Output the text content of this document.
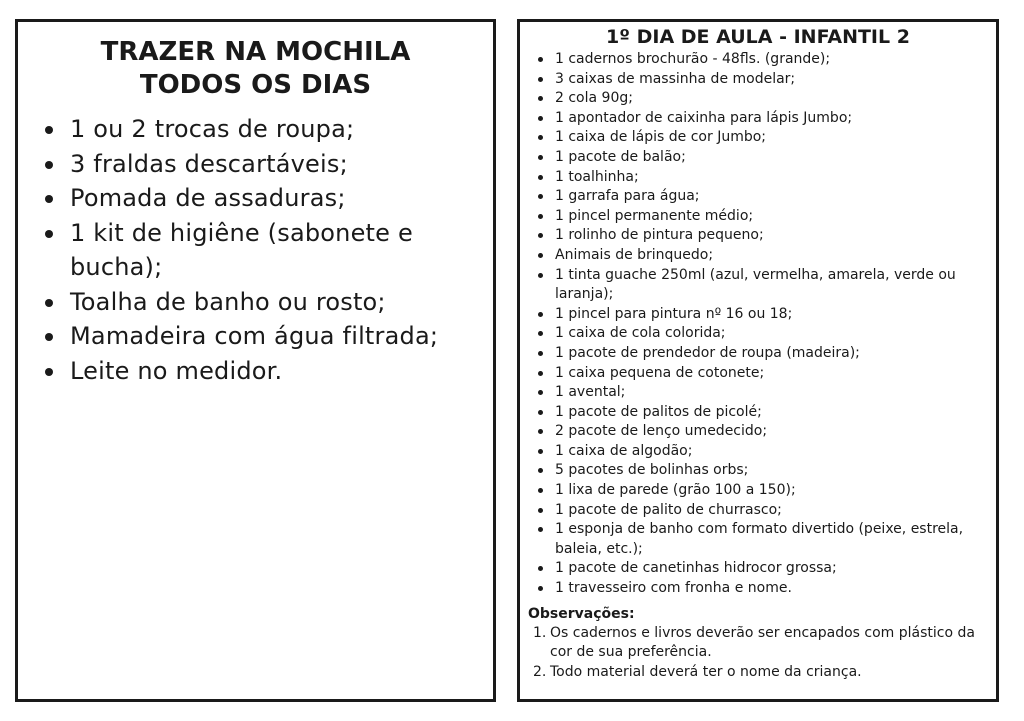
TRAZER NA MOCHILA
TODOS OS DIAS
1 ou 2 trocas de roupa;
3 fraldas descartáveis;
Pomada de assaduras;
1 kit de higiêne (sabonete e bucha);
Toalha de banho ou rosto;
Mamadeira com água filtrada;
Leite no medidor.
1º DIA DE AULA - INFANTIL 2
1 cadernos brochurão - 48fls. (grande);
3 caixas de massinha de modelar;
2 cola 90g;
1 apontador de caixinha para lápis Jumbo;
1 caixa de lápis de cor Jumbo;
1 pacote de balão;
1 toalhinha;
1 garrafa para água;
1 pincel permanente médio;
1 rolinho de pintura pequeno;
Animais de brinquedo;
1 tinta guache 250ml (azul, vermelha, amarela, verde ou laranja);
1 pincel para pintura nº 16 ou 18;
1 caixa de cola colorida;
1 pacote de prendedor de roupa (madeira);
1 caixa pequena de cotonete;
1 avental;
1 pacote de palitos de picolé;
2 pacote de lenço umedecido;
1 caixa de algodão;
5 pacotes de bolinhas orbs;
1 lixa de parede (grão 100 a 150);
1 pacote de palito de churrasco;
1 esponja de banho com formato divertido (peixe, estrela, baleia, etc.);
1 pacote de canetinhas hidrocor grossa;
1 travesseiro com fronha e nome.
Observações:
1. Os cadernos e livros deverão ser encapados com plástico da cor de sua preferência.
2. Todo material deverá ter o nome da criança.
